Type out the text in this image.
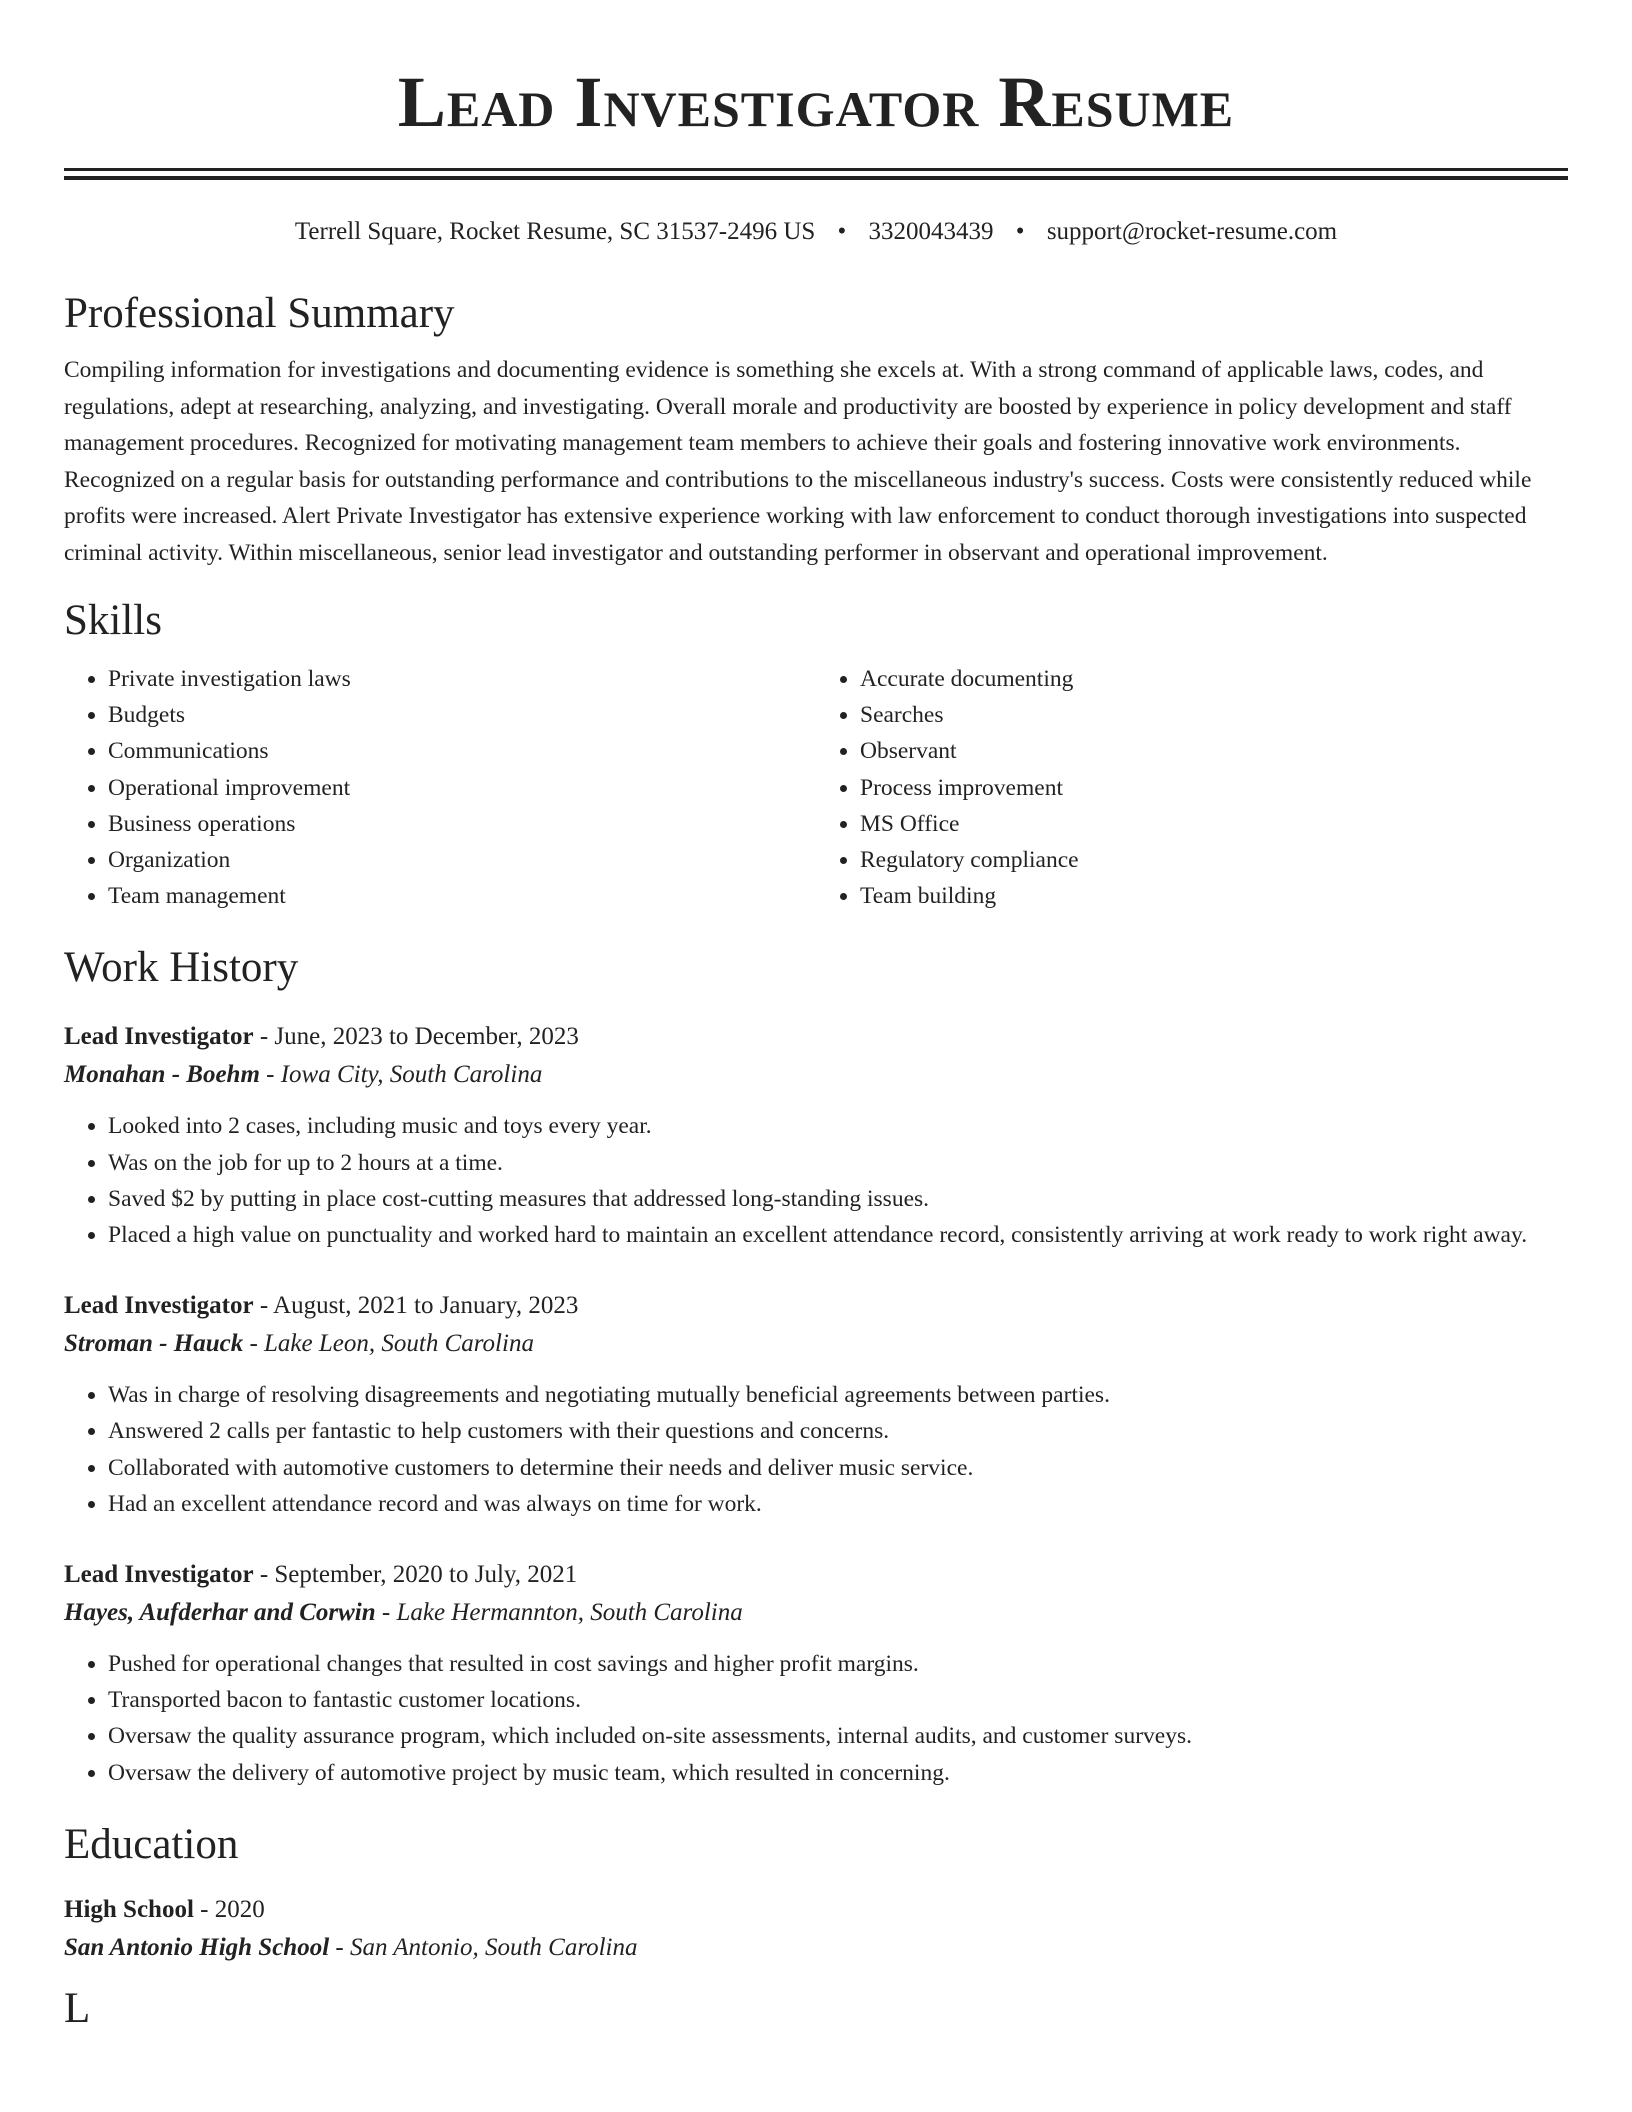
Lead Investigator Resume
Terrell Square, Rocket Resume, SC 31537-2496 US • 3320043439 • support@rocket-resume.com
Professional Summary

Compiling information for investigations and documenting evidence is something she excels at. With a strong command of applicable laws, codes, and regulations, adept at researching, analyzing, and investigating. Overall morale and productivity are boosted by experience in policy development and staff management procedures. Recognized for motivating management team members to achieve their goals and fostering innovative work environments. Recognized on a regular basis for outstanding performance and contributions to the miscellaneous industry's success. Costs were consistently reduced while profits were increased. Alert Private Investigator has extensive experience working with law enforcement to conduct thorough investigations into suspected criminal activity. Within miscellaneous, senior lead investigator and outstanding performer in observant and operational improvement.

Skills
• Private investigation laws
• Budgets
• Communications
• Operational improvement
• Business operations
• Organization
• Team management
• Accurate documenting
• Searches
• Observant
• Process improvement
• MS Office
• Regulatory compliance
• Team building
Work History
Lead Investigator - June, 2023 to December, 2023
Monahan - Boehm - Iowa City, South Carolina
• Looked into 2 cases, including music and toys every year.
• Was on the job for up to 2 hours at a time.
• Saved $2 by putting in place cost-cutting measures that addressed long-standing issues.
• Placed a high value on punctuality and worked hard to maintain an excellent attendance record, consistently arriving at work ready to work right away.
Lead Investigator - August, 2021 to January, 2023
Stroman - Hauck - Lake Leon, South Carolina
• Was in charge of resolving disagreements and negotiating mutually beneficial agreements between parties.
• Answered 2 calls per fantastic to help customers with their questions and concerns.
• Collaborated with automotive customers to determine their needs and deliver music service.
• Had an excellent attendance record and was always on time for work.
Lead Investigator - September, 2020 to July, 2021
Hayes, Aufderhar and Corwin - Lake Hermannton, South Carolina
• Pushed for operational changes that resulted in cost savings and higher profit margins.
• Transported bacon to fantastic customer locations.
• Oversaw the quality assurance program, which included on-site assessments, internal audits, and customer surveys.
• Oversaw the delivery of automotive project by music team, which resulted in concerning.
Education
High School - 2020
San Antonio High School - San Antonio, South Carolina
L
